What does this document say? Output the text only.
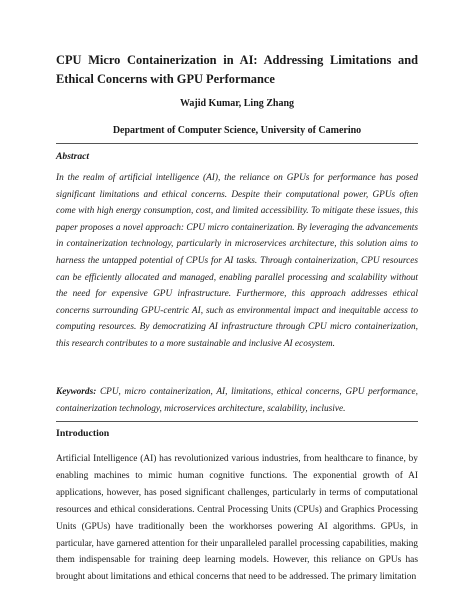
CPU Micro Containerization in AI: Addressing Limitations and Ethical Concerns with GPU Performance

Wajid Kumar, Ling Zhang

Department of Computer Science, University of Camerino

Abstract

In the realm of artificial intelligence (AI), the reliance on GPUs for performance has posed significant limitations and ethical concerns. Despite their computational power, GPUs often come with high energy consumption, cost, and limited accessibility. To mitigate these issues, this paper proposes a novel approach: CPU micro containerization. By leveraging the advancements in containerization technology, particularly in microservices architecture, this solution aims to harness the untapped potential of CPUs for AI tasks. Through containerization, CPU resources can be efficiently allocated and managed, enabling parallel processing and scalability without the need for expensive GPU infrastructure. Furthermore, this approach addresses ethical concerns surrounding GPU-centric AI, such as environmental impact and inequitable access to computing resources. By democratizing AI infrastructure through CPU micro containerization, this research contributes to a more sustainable and inclusive AI ecosystem.

Keywords: CPU, micro containerization, AI, limitations, ethical concerns, GPU performance, containerization technology, microservices architecture, scalability, inclusive.

Introduction

Artificial Intelligence (AI) has revolutionized various industries, from healthcare to finance, by enabling machines to mimic human cognitive functions. The exponential growth of AI applications, however, has posed significant challenges, particularly in terms of computational resources and ethical considerations. Central Processing Units (CPUs) and Graphics Processing Units (GPUs) have traditionally been the workhorses powering AI algorithms. GPUs, in particular, have garnered attention for their unparalleled parallel processing capabilities, making them indispensable for training deep learning models. However, this reliance on GPUs has brought about limitations and ethical concerns that need to be addressed. The primary limitation
